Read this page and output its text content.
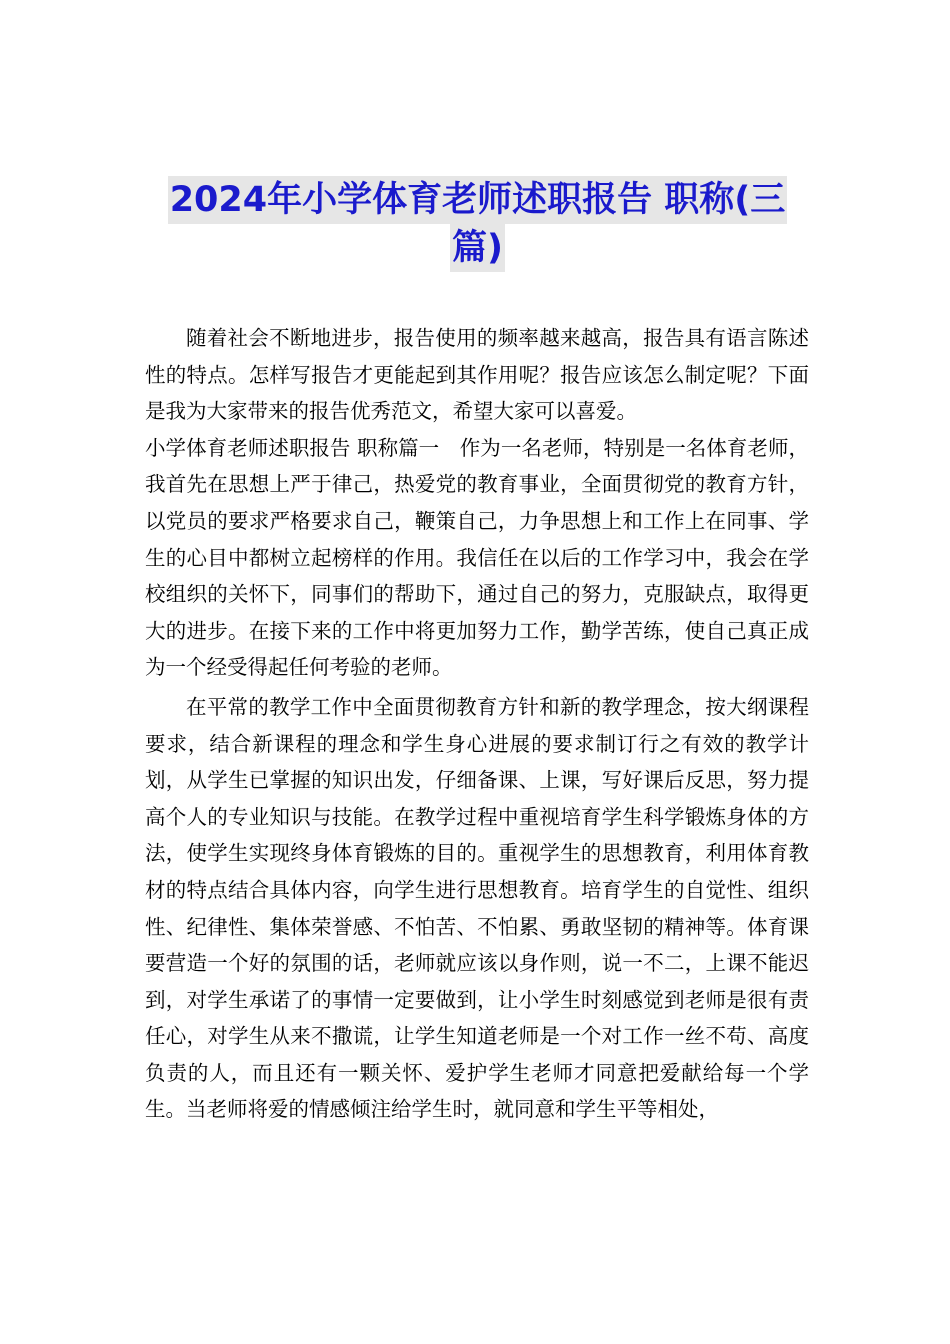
2024年小学体育老师述职报告 职称(三
篇)

随着社会不断地进步，报告使用的频率越来越高，报告具有语言陈述性的特点。怎样写报告才更能起到其作用呢？报告应该怎么制定呢？下面是我为大家带来的报告优秀范文，希望大家可以喜爱。

小学体育老师述职报告 职称篇一　作为一名老师，特别是一名体育老师，我首先在思想上严于律己，热爱党的教育事业，全面贯彻党的教育方针，以党员的要求严格要求自己，鞭策自己，力争思想上和工作上在同事、学生的心目中都树立起榜样的作用。我信任在以后的工作学习中，我会在学校组织的关怀下，同事们的帮助下，通过自己的努力，克服缺点，取得更大的进步。在接下来的工作中将更加努力工作，勤学苦练，使自己真正成为一个经受得起任何考验的老师。

在平常的教学工作中全面贯彻教育方针和新的教学理念，按大纲课程要求，结合新课程的理念和学生身心进展的要求制订行之有效的教学计划，从学生已掌握的知识出发，仔细备课、上课，写好课后反思，努力提高个人的专业知识与技能。在教学过程中重视培育学生科学锻炼身体的方法，使学生实现终身体育锻炼的目的。重视学生的思想教育，利用体育教材的特点结合具体内容，向学生进行思想教育。培育学生的自觉性、组织性、纪律性、集体荣誉感、不怕苦、不怕累、勇敢坚韧的精神等。体育课要营造一个好的氛围的话，老师就应该以身作则，说一不二，上课不能迟到，对学生承诺了的事情一定要做到，让小学生时刻感觉到老师是很有责任心，对学生从来不撒谎，让学生知道老师是一个对工作一丝不苟、高度负责的人，而且还有一颗关怀、爱护学生老师才同意把爱献给每一个学生。当老师将爱的情感倾注给学生时，就同意和学生平等相处，
